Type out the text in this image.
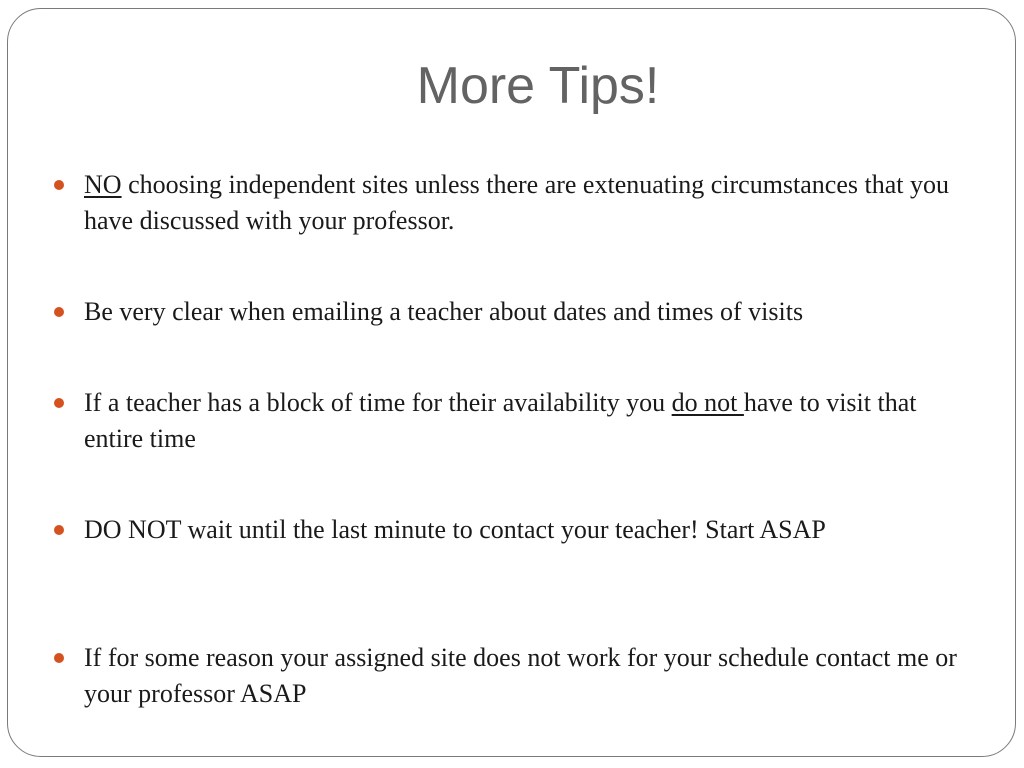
More Tips!
NO choosing independent sites unless there are extenuating circumstances that you have discussed with your professor.
Be very clear when emailing a teacher about dates and times of visits
If a teacher has a block of time for their availability you do not have to visit that entire time
DO NOT wait until the last minute to contact your teacher! Start ASAP
If for some reason your assigned site does not work for your schedule contact me or your professor ASAP
